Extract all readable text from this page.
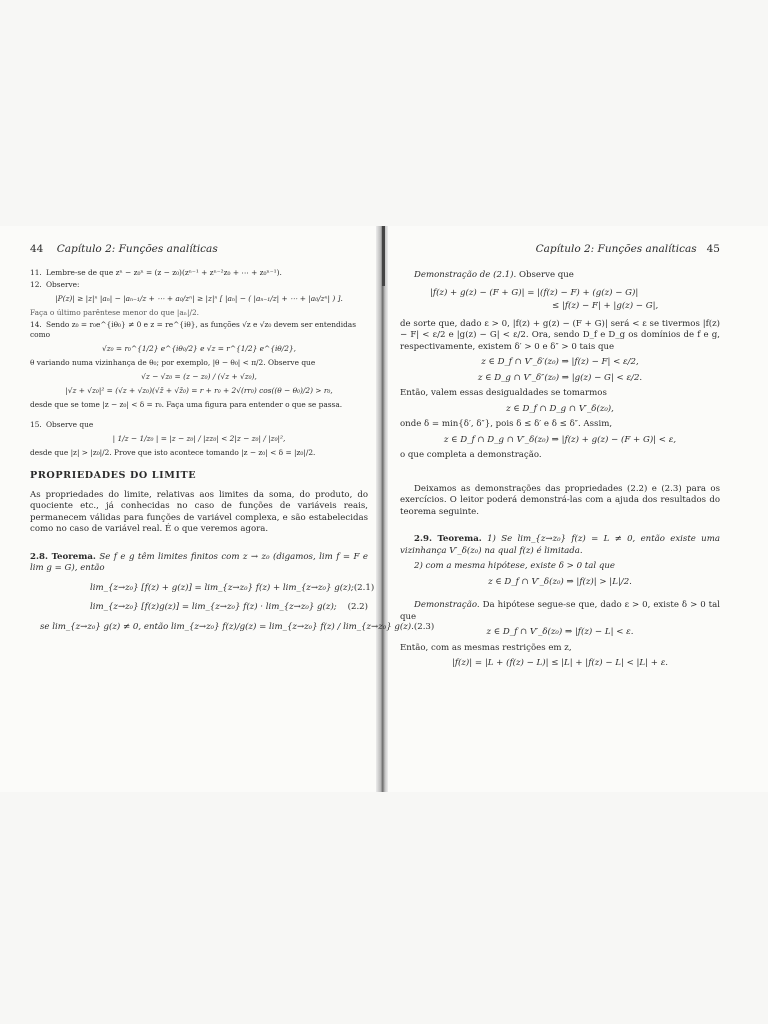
44 Capítulo 2: Funções analíticas
11. Lembre-se de que zⁿ − z₀ⁿ = (z − z₀)(zⁿ⁻¹ + zⁿ⁻²z₀ + ⋯ + z₀ⁿ⁻¹).
12. Observe:
|P(z)| ≥ |z|ⁿ |aₙ| − |aₙ₋₁/z + ⋯ + a₀/zⁿ| ≥ |z|ⁿ [ |aₙ| − ( |aₙ₋₁/z| + ⋯ + |a₀/zⁿ| ) ].
Faça o último parêntese menor do que |aₙ|/2.
14. Sendo z₀ = r₀e^{iθ₀} ≠ 0 e z = re^{iθ}, as funções √z e √z₀ devem ser entendidas como
√z₀ = r₀^{1/2} e^{iθ₀/2} e √z = r^{1/2} e^{iθ/2},
θ variando numa vizinhança de θ₀; por exemplo, |θ − θ₀| < π/2. Observe que
√z − √z₀ = (z − z₀) / (√z + √z₀),
|√z + √z₀|² = (√z + √z₀)(√z̄ + √z̄₀) = r + r₀ + 2√(rr₀) cos((θ − θ₀)/2) > r₀,
desde que se tome |z − z₀| < δ = r₀. Faça uma figura para entender o que se passa.
15. Observe que
| 1/z − 1/z₀ | = |z − z₀| / |zz₀| < 2|z − z₀| / |z₀|²,
desde que |z| > |z₀|/2. Prove que isto acontece tomando |z − z₀| < δ = |z₀|/2.
PROPRIEDADES DO LIMITE
As propriedades do limite, relativas aos limites da soma, do produto, do quociente etc., já conhecidas no caso de funções de variáveis reais, permanecem válidas para funções de variável complexa, e são estabelecidas como no caso de variável real. É o que veremos agora.
2.8. Teorema. Se f e g têm limites finitos com z → z₀ (digamos, lim f = F e lim g = G), então
lim_{z→z₀} [f(z) + g(z)] = lim_{z→z₀} f(z) + lim_{z→z₀} g(z); (2.1)
lim_{z→z₀} [f(z)g(z)] = lim_{z→z₀} f(z) · lim_{z→z₀} g(z); (2.2)
se lim_{z→z₀} g(z) ≠ 0, então lim_{z→z₀} f(z)/g(z) = lim_{z→z₀} f(z) / lim_{z→z₀} g(z). (2.3)
Capítulo 2: Funções analíticas 45
Demonstração de (2.1). Observe que
|f(z) + g(z) − (F + G)| = |(f(z) − F) + (g(z) − G)|
≤ |f(z) − F| + |g(z) − G|,
de sorte que, dado ε > 0, |f(z) + g(z) − (F + G)| será < ε se tivermos |f(z) − F| < ε/2 e |g(z) − G| < ε/2. Ora, sendo D_f e D_g os domínios de f e g, respectivamente, existem δ′ > 0 e δ″ > 0 tais que
z ∈ D_f ∩ V′_δ′(z₀) ⇒ |f(z) − F| < ε/2,
z ∈ D_g ∩ V′_δ″(z₀) ⇒ |g(z) − G| < ε/2.
Então, valem essas desigualdades se tomarmos
z ∈ D_f ∩ D_g ∩ V′_δ(z₀),
onde δ = min{δ′, δ″}, pois δ ≤ δ′ e δ ≤ δ″. Assim,
z ∈ D_f ∩ D_g ∩ V′_δ(z₀) ⇒ |f(z) + g(z) − (F + G)| < ε,
o que completa a demonstração.
Deixamos as demonstrações das propriedades (2.2) e (2.3) para os exercícios. O leitor poderá demonstrá-las com a ajuda dos resultados do teorema seguinte.
2.9. Teorema. 1) Se lim_{z→z₀} f(z) = L ≠ 0, então existe uma vizinhança V′_δ(z₀) na qual f(z) é limitada.
2) com a mesma hipótese, existe δ > 0 tal que
z ∈ D_f ∩ V′_δ(z₀) ⇒ |f(z)| > |L|/2.
Demonstração. Da hipótese segue-se que, dado ε > 0, existe δ > 0 tal que
z ∈ D_f ∩ V′_δ(z₀) ⇒ |f(z) − L| < ε.
Então, com as mesmas restrições em z,
|f(z)| = |L + (f(z) − L)| ≤ |L| + |f(z) − L| < |L| + ε.
